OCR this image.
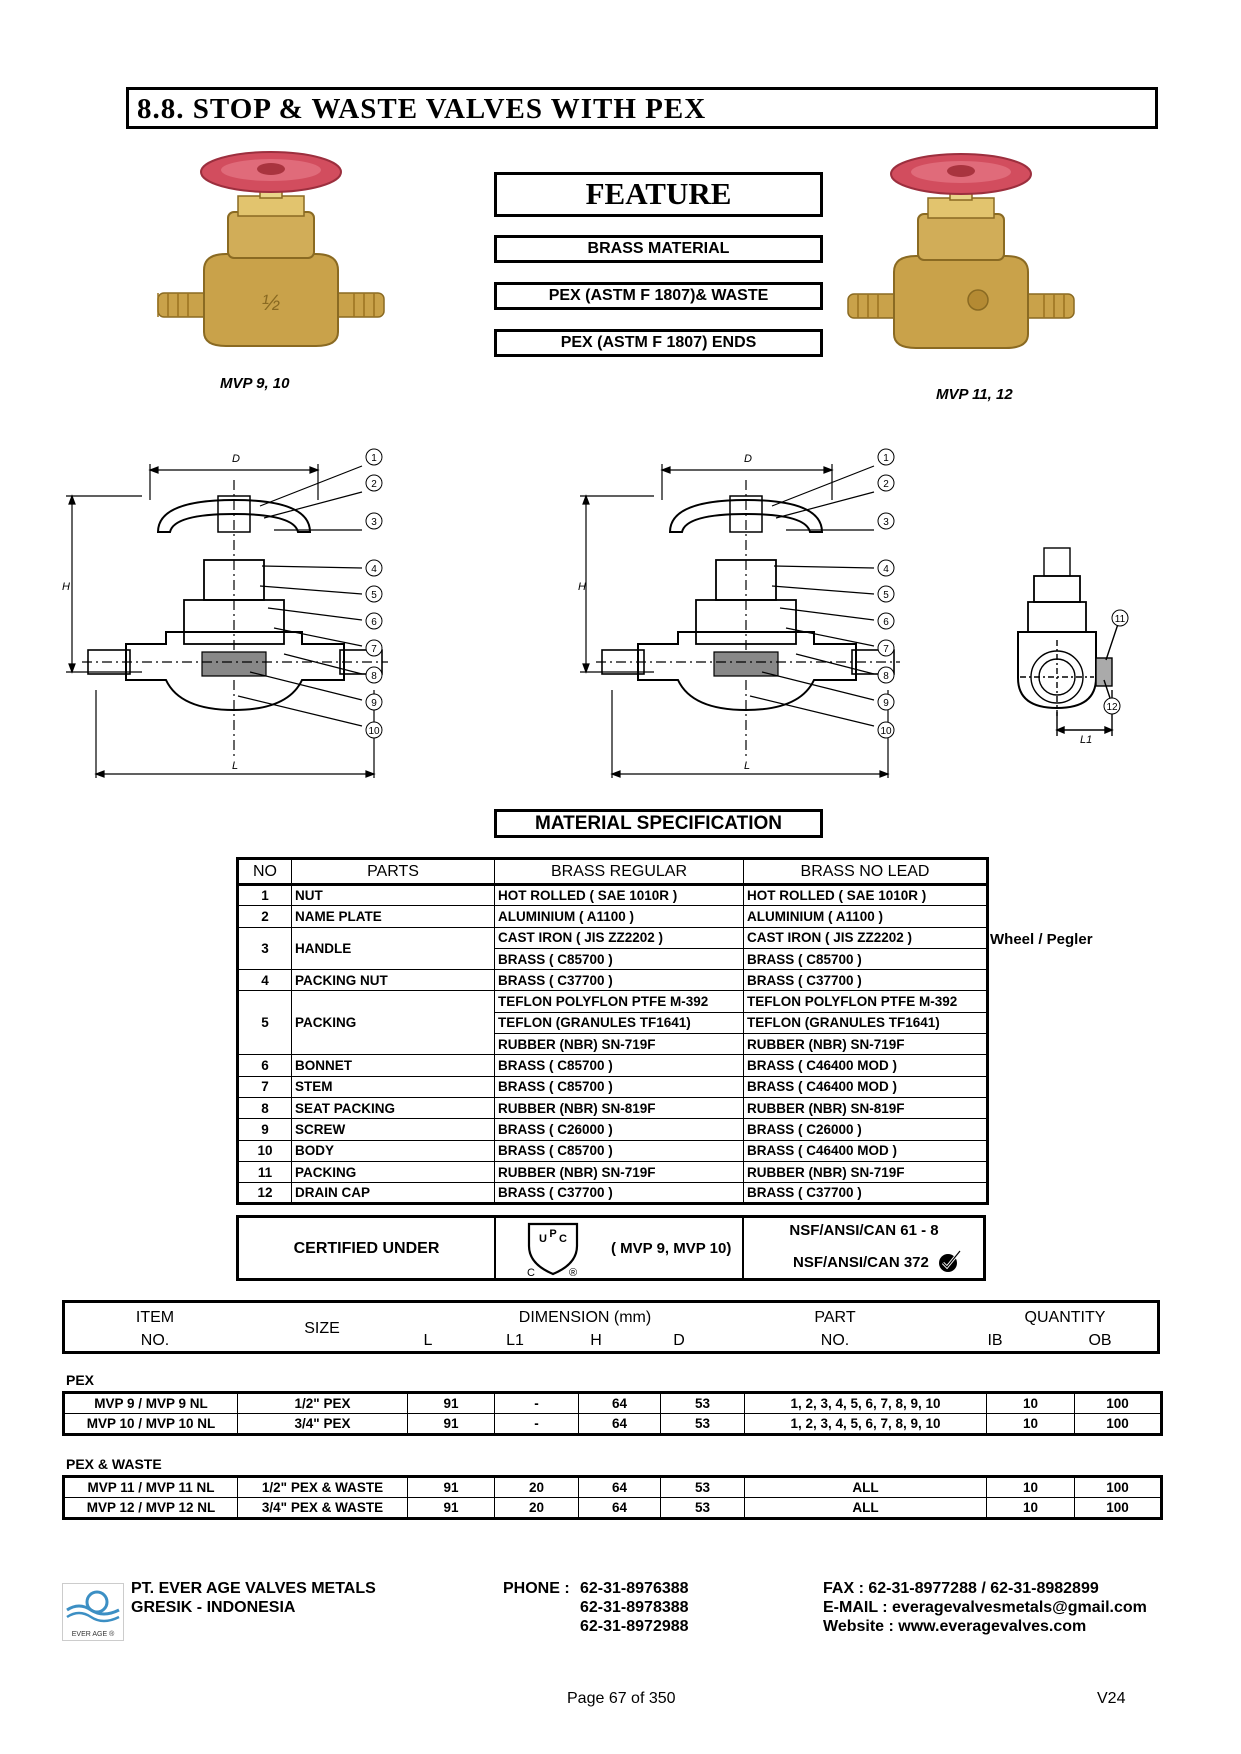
8.8. STOP & WASTE VALVES WITH PEX
½
MVP 9, 10
MVP 11, 12
FEATURE
BRASS MATERIAL
PEX (ASTM F 1807)& WASTE
PEX (ASTM F 1807) ENDS
D
H
L
1
2
3
4
5
6
7
8
9
10
D
H
L
1
2
3
4
5
6
7
8
9
10
11
12
L1
MATERIAL SPECIFICATION
NO	PARTS	BRASS REGULAR	BRASS NO LEAD
1	NUT	HOT ROLLED ( SAE 1010R )	HOT ROLLED ( SAE 1010R )
2	NAME PLATE	ALUMINIUM ( A1100 )	ALUMINIUM ( A1100 )
3	HANDLE	CAST IRON ( JIS ZZ2202 )	CAST IRON ( JIS ZZ2202 )
		BRASS ( C85700 )	BRASS ( C85700 )
4	PACKING NUT	BRASS ( C37700 )	BRASS ( C37700 )
5	PACKING	TEFLON POLYFLON PTFE M-392	TEFLON POLYFLON PTFE M-392
		TEFLON (GRANULES TF1641)	TEFLON (GRANULES TF1641)
		RUBBER (NBR) SN-719F	RUBBER (NBR) SN-719F
6	BONNET	BRASS ( C85700 )	BRASS ( C46400 MOD )
7	STEM	BRASS ( C85700 )	BRASS ( C46400 MOD )
8	SEAT PACKING	RUBBER (NBR) SN-819F	RUBBER (NBR) SN-819F
9	SCREW	BRASS ( C26000 )	BRASS ( C26000 )
10	BODY	BRASS ( C85700 )	BRASS ( C46400 MOD )
11	PACKING	RUBBER (NBR) SN-719F	RUBBER (NBR) SN-719F
12	DRAIN CAP	BRASS ( C37700 )	BRASS ( C37700 )
Wheel / Pegler
CERTIFIED UNDER
U P C
C	®
( MVP 9, MVP 10)
NSF/ANSI/CAN 61 - 8
NSF/ANSI/CAN 372
ITEM
NO.
SIZE
DIMENSION (mm)
L	L1	H	D
PART
NO.
QUANTITY
IB	OB
PEX
MVP 9 / MVP 9 NL	1/2" PEX	91	-	64	53	1, 2, 3, 4, 5, 6, 7, 8, 9, 10	10	100
MVP 10 / MVP 10 NL	3/4" PEX	91	-	64	53	1, 2, 3, 4, 5, 6, 7, 8, 9, 10	10	100
PEX & WASTE
MVP 11 / MVP 11 NL	1/2" PEX & WASTE	91	20	64	53	ALL	10	100
MVP 12 / MVP 12 NL	3/4" PEX & WASTE	91	20	64	53	ALL	10	100
EVER AGE ®
PT. EVER AGE VALVES METALS
GRESIK - INDONESIA
PHONE : 62-31-8976388
62-31-8978388
62-31-8972988
FAX : 62-31-8977288 / 62-31-8982899
E-MAIL : everagevalvesmetals@gmail.com
Website : www.everagevalves.com
Page 67 of 350	V24
